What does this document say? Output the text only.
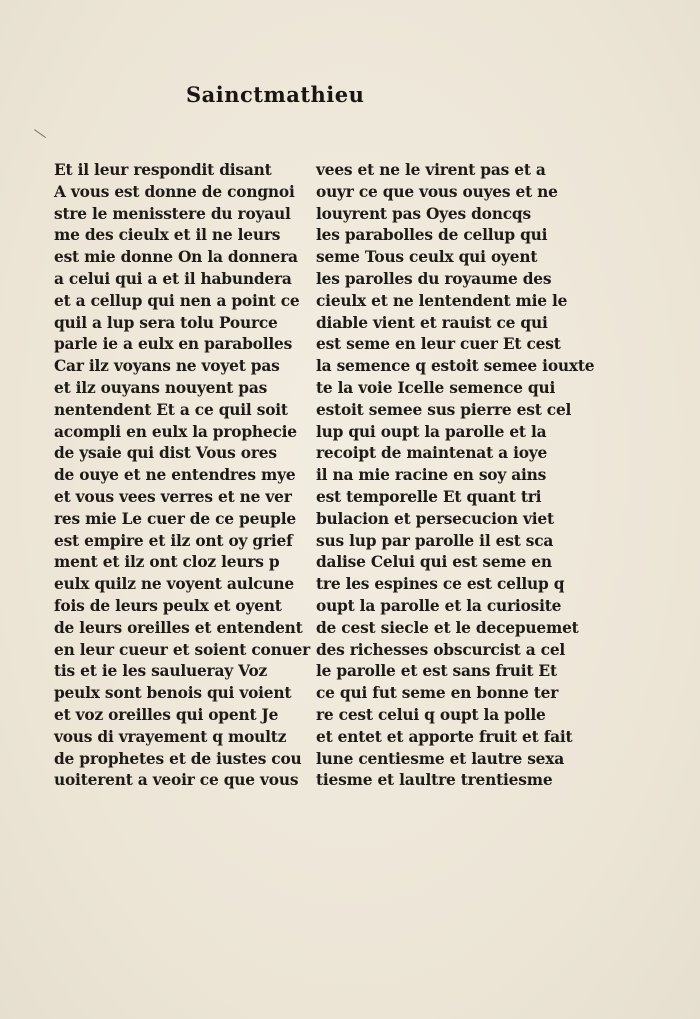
Sainctmathieu
Et il leur respondit disant
A vous est donne de congnoi
stre le menisstere du royaul
me des cieulx et il ne leurs
est mie donne On la donnera
a celui qui a et il habundera
et a cellup qui nen a point ce
quil a lup sera tolu Pource
parle ie a eulx en parabolles
Car ilz voyans ne voyet pas
et ilz ouyans nouyent pas
nentendent Et a ce quil soit
acompli en eulx la prophecie
de ysaie qui dist Vous ores
de ouye et ne entendres mye
et vous vees verres et ne ver
res mie Le cuer de ce peuple
est empire et ilz ont oy grief
ment et ilz ont cloz leurs p
eulx quilz ne voyent aulcune
fois de leurs peulx et oyent
de leurs oreilles et entendent
en leur cueur et soient conuer
tis et ie les saulueray Voz
peulx sont benois qui voient
et voz oreilles qui opent Je
vous di vrayement q moultz
de prophetes et de iustes cou
uoiterent a veoir ce que vous
vees et ne le virent pas et a
ouyr ce que vous ouyes et ne
louyrent pas Oyes doncqs
les parabolles de cellup qui
seme Tous ceulx qui oyent
les parolles du royaume des
cieulx et ne lentendent mie le
diable vient et rauist ce qui
est seme en leur cuer Et cest
la semence q estoit semee iouxte
te la voie Icelle semence qui
estoit semee sus pierre est cel
lup qui oupt la parolle et la
recoipt de maintenat a ioye
il na mie racine en soy ains
est temporelle Et quant tri
bulacion et persecucion viet
sus lup par parolle il est sca
dalise Celui qui est seme en
tre les espines ce est cellup q
oupt la parolle et la curiosite
de cest siecle et le decepuemet
des richesses obscurcist a cel
le parolle et est sans fruit Et
ce qui fut seme en bonne ter
re cest celui q oupt la polle
et entet et apporte fruit et fait
lune centiesme et lautre sexa
tiesme et laultre trentiesme
